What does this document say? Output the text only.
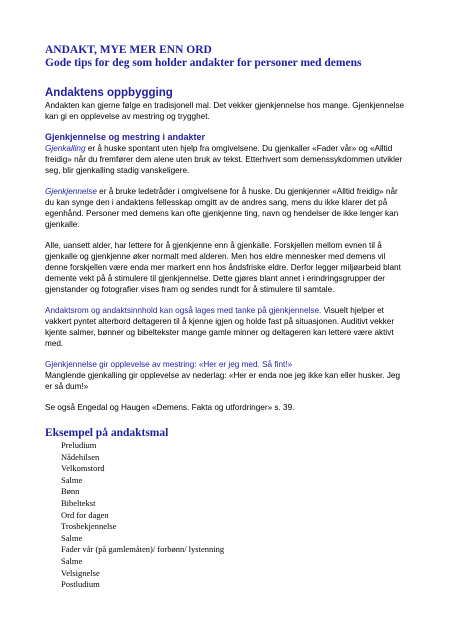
ANDAKT, MYE MER ENN ORD
Gode tips for deg som holder andakter for personer med demens
Andaktens oppbygging

Andakten kan gjerne følge en tradisjonell mal. Det vekker gjenkjennelse hos mange. Gjenkjennelse kan gi en opplevelse av mestring og trygghet.

Gjenkjennelse og mestring i andakter

Gjenkalling er å huske spontant uten hjelp fra omgivelsene. Du gjenkaller «Fader vår» og «Alltid freidig» når du fremfører dem alene uten bruk av tekst. Etterhvert som demenssykdommen utvikler seg, blir gjenkalling stadig vanskeligere.

Gjenkjennelse er å bruke ledetråder i omgivelsene for å huske. Du gjenkjenner «Alltid freidig» når du kan synge den i andaktens fellesskap omgitt av de andres sang, mens du ikke klarer det på egenhånd. Personer med demens kan ofte gjenkjenne ting, navn og hendelser de ikke lenger kan gjenkalle.

Alle, uansett alder, har lettere for å gjenkjenne enn å gjenkalle. Forskjellen mellom evnen til å gjenkalle og gjenkjenne øker normalt med alderen. Men hos eldre mennesker med demens vil denne forskjellen være enda mer markert enn hos åndsfriske eldre. Derfor legger miljøarbeid blant demente vekt på å stimulere til gjenkjennelse. Dette gjøres blant annet i erindringsgrupper der gjenstander og fotografier vises fram og sendes rundt for å stimulere til samtale.

Andaktsrom og andaktsinnhold kan også lages med tanke på gjenkjennelse. Visuelt hjelper et vakkert pyntet alterbord deltageren til å kjenne igjen og holde fast på situasjonen. Auditivt vekker kjente salmer, bønner og bibeltekster mange gamle minner og deltageren kan lettere være aktivt med.

Gjenkjennelse gir opplevelse av mestring: «Her er jeg med. Så fint!»

Manglende gjenkalling gir opplevelse av nederlag: «Her er enda noe jeg ikke kan eller husker. Jeg er så dum!»

Se også Engedal og Haugen «Demens. Fakta og utfordringer» s. 39.

Eksempel på andaktsmal
Preludium
Nådehilsen
Velkomstord
Salme
Bønn
Bibeltekst
Ord for dagen
Trosbekjennelse
Salme
Fader vår (på gamlemåten)/ forbønn/ lystenning
Salme
Velsignelse
Postludium
